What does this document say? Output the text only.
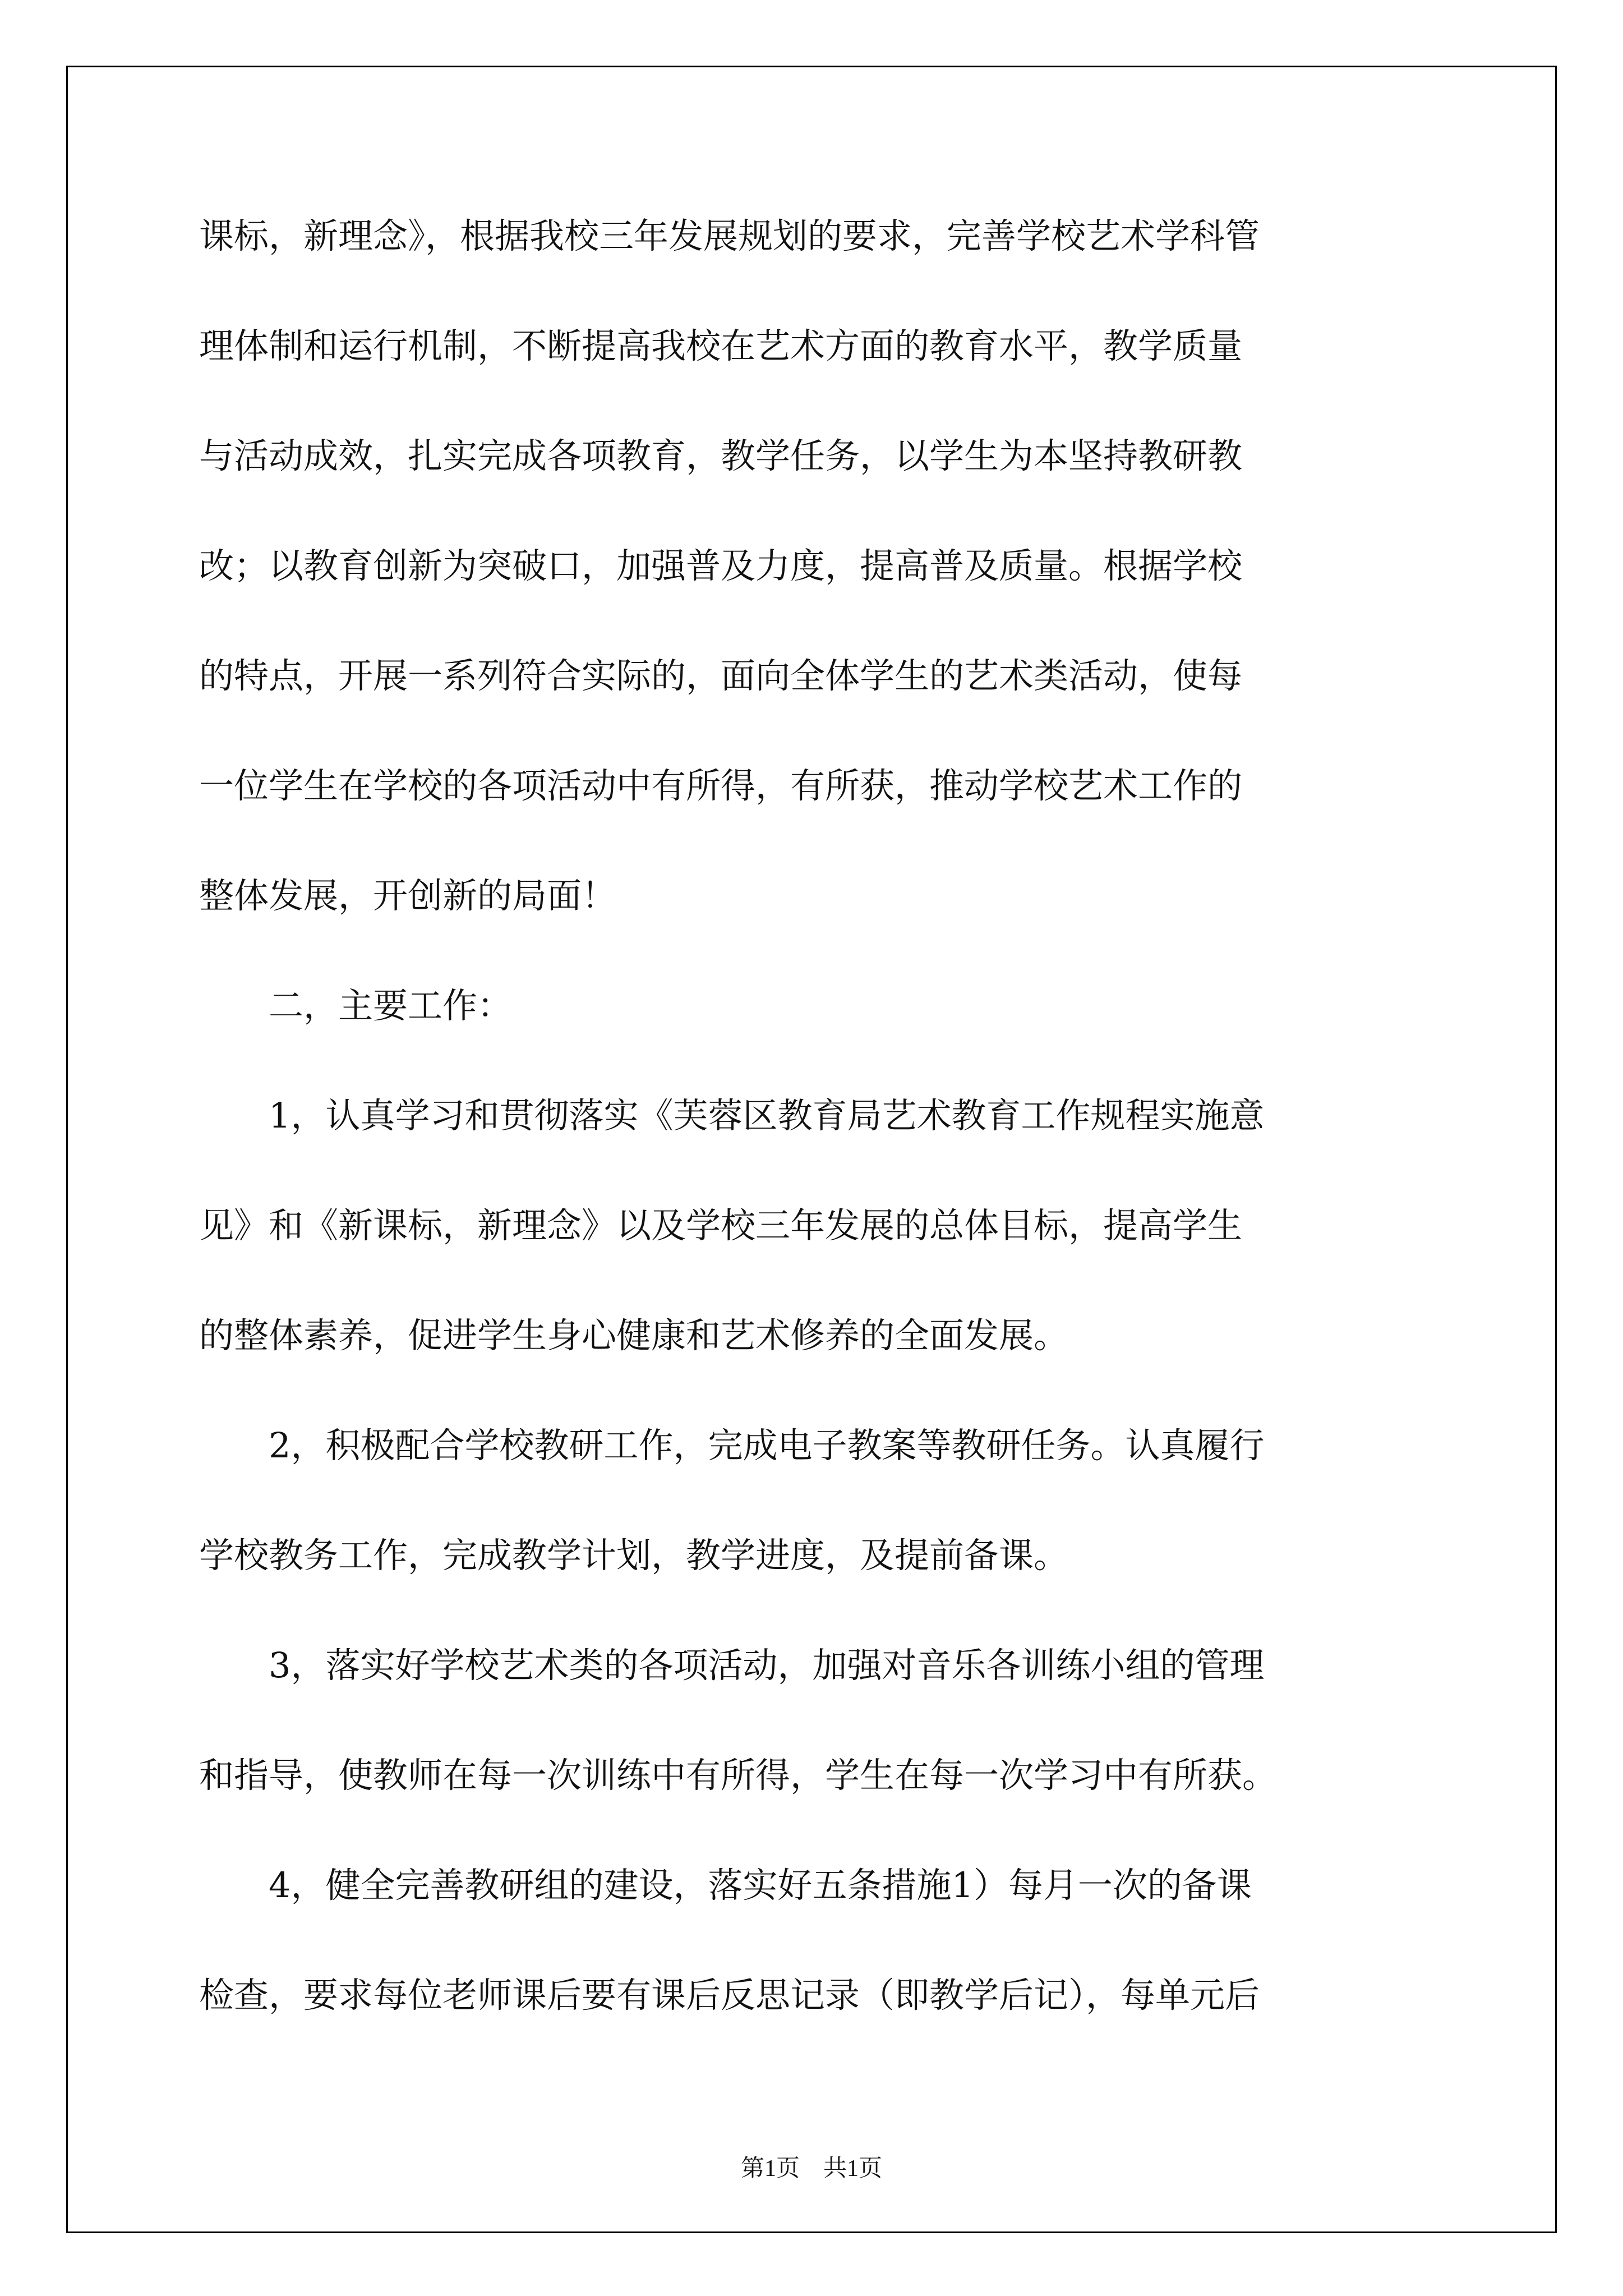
课标，新理念》，根据我校三年发展规划的要求，完善学校艺术学科管
理体制和运行机制，不断提高我校在艺术方面的教育水平，教学质量
与活动成效，扎实完成各项教育，教学任务，以学生为本坚持教研教
改；以教育创新为突破口，加强普及力度，提高普及质量。根据学校
的特点，开展一系列符合实际的，面向全体学生的艺术类活动，使每
一位学生在学校的各项活动中有所得，有所获，推动学校艺术工作的
整体发展，开创新的局面！
　　二，主要工作：
　　1，认真学习和贯彻落实《芙蓉区教育局艺术教育工作规程实施意
见》和《新课标，新理念》以及学校三年发展的总体目标，提高学生
的整体素养，促进学生身心健康和艺术修养的全面发展。
　　2，积极配合学校教研工作，完成电子教案等教研任务。认真履行
学校教务工作，完成教学计划，教学进度，及提前备课。
　　3，落实好学校艺术类的各项活动，加强对音乐各训练小组的管理
和指导，使教师在每一次训练中有所得，学生在每一次学习中有所获。
　　4，健全完善教研组的建设，落实好五条措施1）每月一次的备课
检查，要求每位老师课后要有课后反思记录（即教学后记），每单元后
第1页　共1页
